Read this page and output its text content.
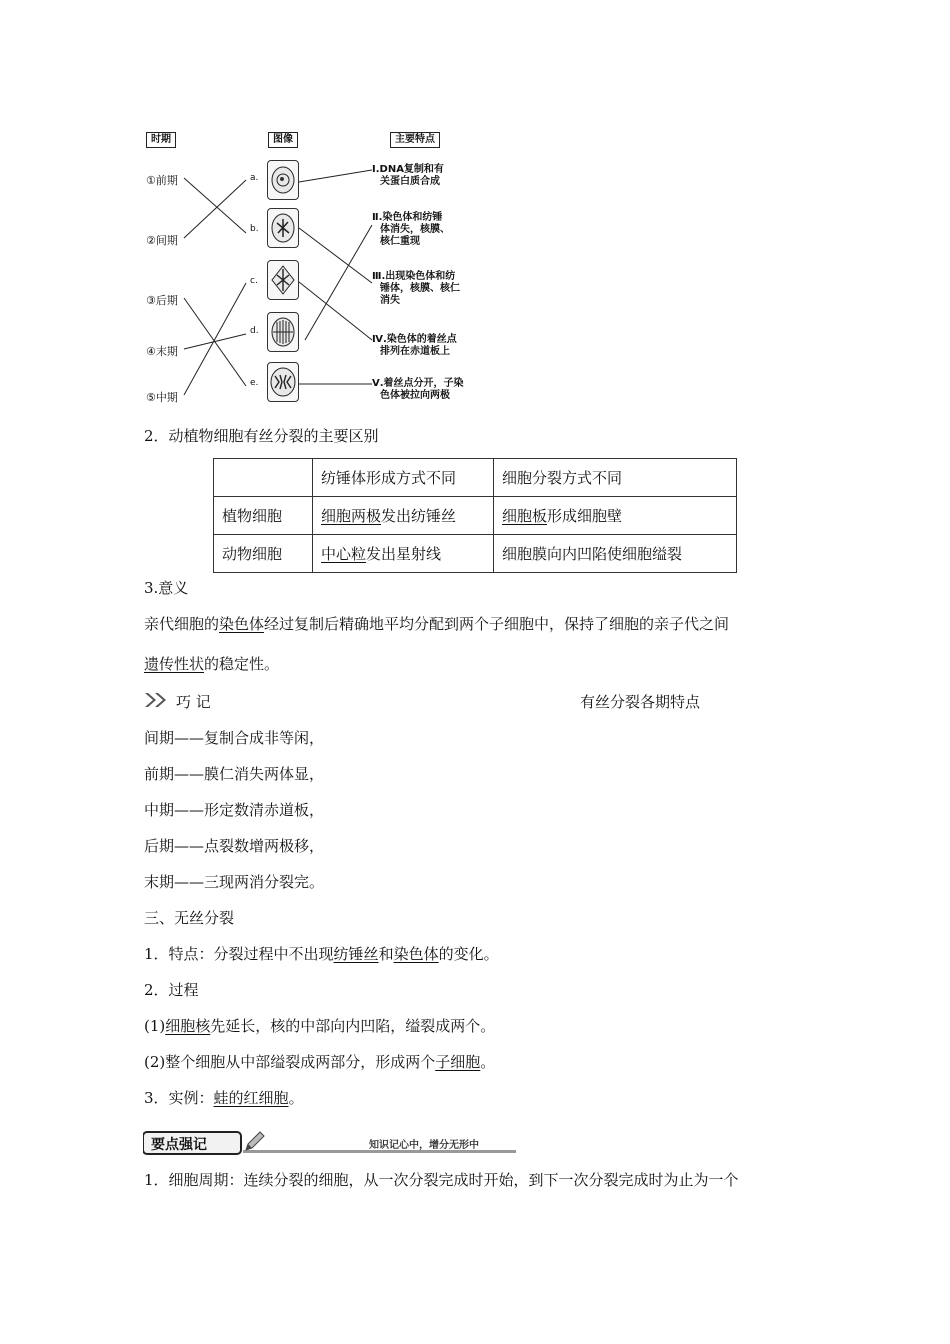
时期	图像	主要特点
①前期
②间期
③后期
④末期
⑤中期
a.
b.
c.
d.
e.
Ⅰ.DNA复制和有
关蛋白质合成
Ⅱ.染色体和纺锤
体消失，核膜、
核仁重现
Ⅲ.出现染色体和纺
锤体，核膜、核仁
消失
Ⅳ.染色体的着丝点
排列在赤道板上
Ⅴ.着丝点分开，子染
色体被拉向两极
2．动植物细胞有丝分裂的主要区别
	纺锤体形成方式不同	细胞分裂方式不同
植物细胞	细胞两极发出纺锤丝	细胞板形成细胞壁
动物细胞	中心粒发出星射线	细胞膜向内凹陷使细胞缢裂
3.意义
亲代细胞的染色体经过复制后精确地平均分配到两个子细胞中，保持了细胞的亲子代之间
遗传性状的稳定性。
巧 记	有丝分裂各期特点
间期——复制合成非等闲，
前期——膜仁消失两体显，
中期——形定数清赤道板，
后期——点裂数增两极移，
末期——三现两消分裂完。
三、无丝分裂
1．特点：分裂过程中不出现纺锤丝和染色体的变化。
2．过程
(1)细胞核先延长，核的中部向内凹陷，缢裂成两个。
(2)整个细胞从中部缢裂成两部分，形成两个子细胞。
3．实例：蛙的红细胞。
要点强记	知识记心中，增分无形中
1．细胞周期：连续分裂的细胞，从一次分裂完成时开始，到下一次分裂完成时为止为一个
